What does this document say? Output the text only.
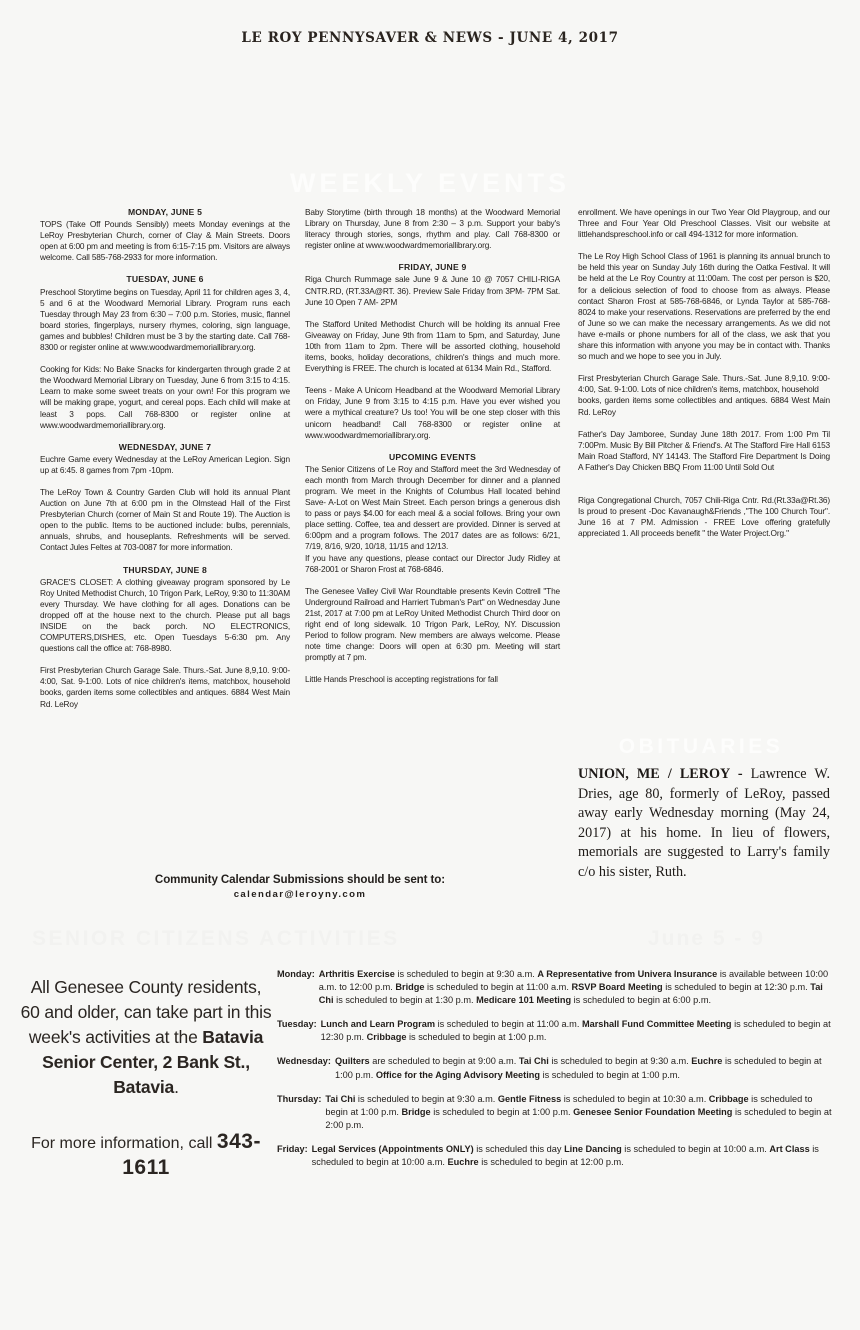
LE ROY PENNYSAVER & NEWS - JUNE 4, 2017
WEEKLY EVENTS
MONDAY, JUNE 5

TOPS (Take Off Pounds Sensibly) meets Monday evenings at the LeRoy Presbyterian Church, corner of Clay & Main Streets. Doors open at 6:00 pm and meeting is from 6:15-7:15 pm. Visitors are always welcome. Call 585-768-2933 for more information.

TUESDAY, JUNE 6

Preschool Storytime begins on Tuesday, April 11 for children ages 3, 4, 5 and 6 at the Woodward Memorial Library. Program runs each Tuesday through May 23 from 6:30 – 7:00 p.m. Stories, music, flannel board stories, fingerplays, nursery rhymes, coloring, sign language, games and bubbles! Children must be 3 by the starting date. Call 768-8300 or register online at www.woodwardmemoriallibrary.org.

Cooking for Kids: No Bake Snacks for kindergarten through grade 2 at the Woodward Memorial Library on Tuesday, June 6 from 3:15 to 4:15. Learn to make some sweet treats on your own! For this program we will be making grape, yogurt, and cereal pops. Each child will make at least 3 pops. Call 768-8300 or register online at www.woodwardmemoriallibrary.org.

WEDNESDAY, JUNE 7

Euchre Game every Wednesday at the LeRoy American Legion. Sign up at 6:45. 8 games from 7pm -10pm.

The LeRoy Town & Country Garden Club will hold its annual Plant Auction on June 7th at 6:00 pm in the Olmstead Hall of the First Presbyterian Church (corner of Main St and Route 19). The Auction is open to the public. Items to be auctioned include: bulbs, perennials, annuals, shrubs, and houseplants. Refreshments will be served. Contact Jules Feltes at 703-0087 for more information.

THURSDAY, JUNE 8

GRACE'S CLOSET: A clothing giveaway program sponsored by Le Roy United Methodist Church, 10 Trigon Park, LeRoy, 9:30 to 11:30AM every Thursday. We have clothing for all ages. Donations can be dropped off at the house next to the church. Please put all bags INSIDE on the back porch. NO ELECTRONICS, COMPUTERS,DISHES, etc. Open Tuesdays 5-6:30 pm. Any questions call the office at: 768-8980.

First Presbyterian Church Garage Sale. Thurs.-Sat. June 8,9,10. 9:00-4:00, Sat. 9-1:00. Lots of nice children's items, matchbox, household books, garden items some collectibles and antiques. 6884 West Main Rd. LeRoy

Baby Storytime (birth through 18 months) at the Woodward Memorial Library on Thursday, June 8 from 2:30 – 3 p.m. Support your baby's literacy through stories, songs, rhythm and play. Call 768-8300 or register online at www.woodwardmemoriallibrary.org.

FRIDAY, JUNE 9

Riga Church Rummage sale June 9 & June 10 @ 7057 CHILI-RIGA CNTR.RD, (RT.33A@RT. 36). Preview Sale Friday from 3PM- 7PM Sat. June 10 Open 7 AM- 2PM

The Stafford United Methodist Church will be holding its annual Free Giveaway on Friday, June 9th from 11am to 5pm, and Saturday, June 10th from 11am to 2pm. There will be assorted clothing, household items, books, holiday decorations, children's things and much more. Everything is FREE. The church is located at 6134 Main Rd., Stafford.

Teens - Make A Unicorn Headband at the Woodward Memorial Library on Friday, June 9 from 3:15 to 4:15 p.m. Have you ever wished you were a mythical creature? Us too! You will be one step closer with this unicorn headband! Call 768-8300 or register online at www.woodwardmemoriallibrary.org.

UPCOMING EVENTS

The Senior Citizens of Le Roy and Stafford meet the 3rd Wednesday of each month from March through December for dinner and a planned program. We meet in the Knights of Columbus Hall located behind Save- A-Lot on West Main Street. Each person brings a generous dish to pass or pays $4.00 for each meal & a social follows. Bring your own place setting. Coffee, tea and dessert are provided. Dinner is served at 6:00pm and a program follows. The 2017 dates are as follows: 6/21, 7/19, 8/16, 9/20, 10/18, 11/15 and 12/13.

If you have any questions, please contact our Director Judy Ridley at 768-2001 or Sharon Frost at 768-6846.

The Genesee Valley Civil War Roundtable presents Kevin Cottrell "The Underground Railroad and Harriert Tubman's Part" on Wednesday June 21st, 2017 at 7:00 pm at LeRoy United Methodist Church Third door on right end of long sidewalk. 10 Trigon Park, LeRoy, NY. Discussion Period to follow program. New members are always welcome. Please note time change: Doors will open at 6:30 pm. Meeting will start promptly at 7 pm.

Little Hands Preschool is accepting registrations for fall

enrollment. We have openings in our Two Year Old Playgroup, and our Three and Four Year Old Preschool Classes. Visit our website at littlehandspreschool.info or call 494-1312 for more information.

The Le Roy High School Class of 1961 is planning its annual brunch to be held this year on Sunday July 16th during the Oatka Festival. It will be held at the Le Roy Country at 11:00am. The cost per person is $20, for a delicious selection of food to choose from as always. Please contact Sharon Frost at 585-768-6846, or Lynda Taylor at 585-768-8024 to make your reservations. Reservations are preferred by the end of June so we can make the necessary arrangements. As we did not have e-mails or phone numbers for all of the class, we ask that you share this information with anyone you may be in contact with. Thanks so much and we hope to see you in July.

First Presbyterian Church Garage Sale. Thurs.-Sat. June 8,9,10. 9:00-4:00, Sat. 9-1:00. Lots of nice children's items, matchbox, household

books, garden items some collectibles and antiques. 6884 West Main Rd. LeRoy

Father's Day Jamboree, Sunday June 18th 2017. From 1:00 Pm Til 7:00Pm. Music By Bill Pitcher & Friend's. At The Stafford Fire Hall 6153 Main Road Stafford, NY 14143. The Stafford Fire Department Is Doing A Father's Day Chicken BBQ From 11:00 Until Sold Out

Riga Congregational Church, 7057 Chili-Riga Cntr. Rd.(Rt.33a@Rt.36) Is proud to present -Doc Kavanaugh&Friends ,"The 100 Church Tour". June 16 at 7 PM. Admission - FREE Love offering gratefully appreciated 1. All proceeds benefit " the Water Project.Org."

Community Calendar Submissions should be sent to:
calendar@leroyny.com
OBITUARIES
UNION, ME / LEROY - Lawrence W. Dries, age 80, formerly of LeRoy, passed away early Wednesday morning (May 24, 2017) at his home. In lieu of flowers, memorials are suggested to Larry's family c/o his sister, Ruth.
SENIOR CITIZENS ACTIVITIES	June 5 - 9
All Genesee County residents, 60 and older, can take part in this week's activities at the Batavia Senior Center, 2 Bank St., Batavia.
For more information, call 343-1611
Monday: Arthritis Exercise is scheduled to begin at 9:30 a.m. A Representative from Univera Insurance is available between 10:00 a.m. to 12:00 p.m. Bridge is scheduled to begin at 11:00 a.m. RSVP Board Meeting is scheduled to begin at 12:30 p.m. Tai Chi is scheduled to begin at 1:30 p.m. Medicare 101 Meeting is scheduled to begin at 6:00 p.m.
Tuesday: Lunch and Learn Program is scheduled to begin at 11:00 a.m. Marshall Fund Committee Meeting is scheduled to begin at 12:30 p.m. Cribbage is scheduled to begin at 1:00 p.m.
Wednesday: Quilters are scheduled to begin at 9:00 a.m. Tai Chi is scheduled to begin at 9:30 a.m. Euchre is scheduled to begin at 1:00 p.m. Office for the Aging Advisory Meeting is scheduled to begin at 1:00 p.m.
Thursday: Tai Chi is scheduled to begin at 9:30 a.m. Gentle Fitness is scheduled to begin at 10:30 a.m. Cribbage is scheduled to begin at 1:00 p.m. Bridge is scheduled to begin at 1:00 p.m. Genesee Senior Foundation Meeting is scheduled to begin at 2:00 p.m.
Friday: Legal Services (Appointments ONLY) is scheduled this day Line Dancing is scheduled to begin at 10:00 a.m. Art Class is scheduled to begin at 10:00 a.m. Euchre is scheduled to begin at 12:00 p.m.
